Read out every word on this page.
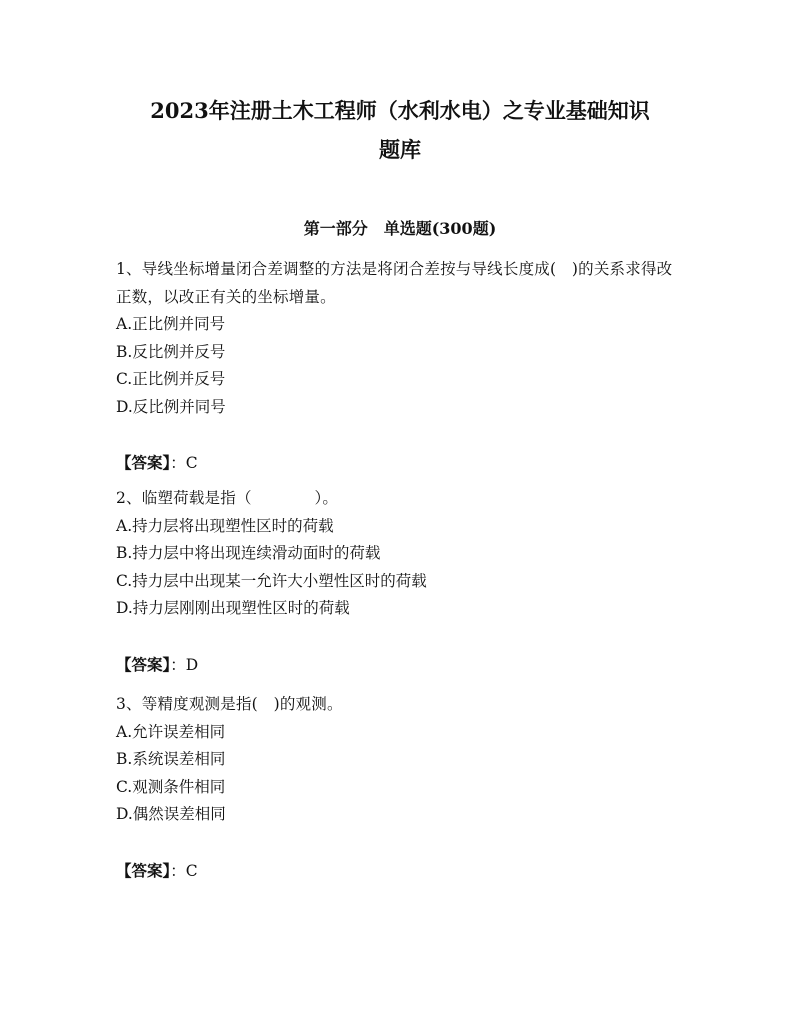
2023年注册土木工程师（水利水电）之专业基础知识
题库
第一部分　单选题(300题)

1、导线坐标增量闭合差调整的方法是将闭合差按与导线长度成(　)的关系求得改正数，以改正有关的坐标增量。

A.正比例并同号

B.反比例并反号

C.正比例并反号

D.反比例并同号

【答案】：C

2、临塑荷载是指（　　　　）。

A.持力层将出现塑性区时的荷载

B.持力层中将出现连续滑动面时的荷载

C.持力层中出现某一允许大小塑性区时的荷载

D.持力层刚刚出现塑性区时的荷载

【答案】：D

3、等精度观测是指(　)的观测。

A.允许误差相同

B.系统误差相同

C.观测条件相同

D.偶然误差相同

【答案】：C
